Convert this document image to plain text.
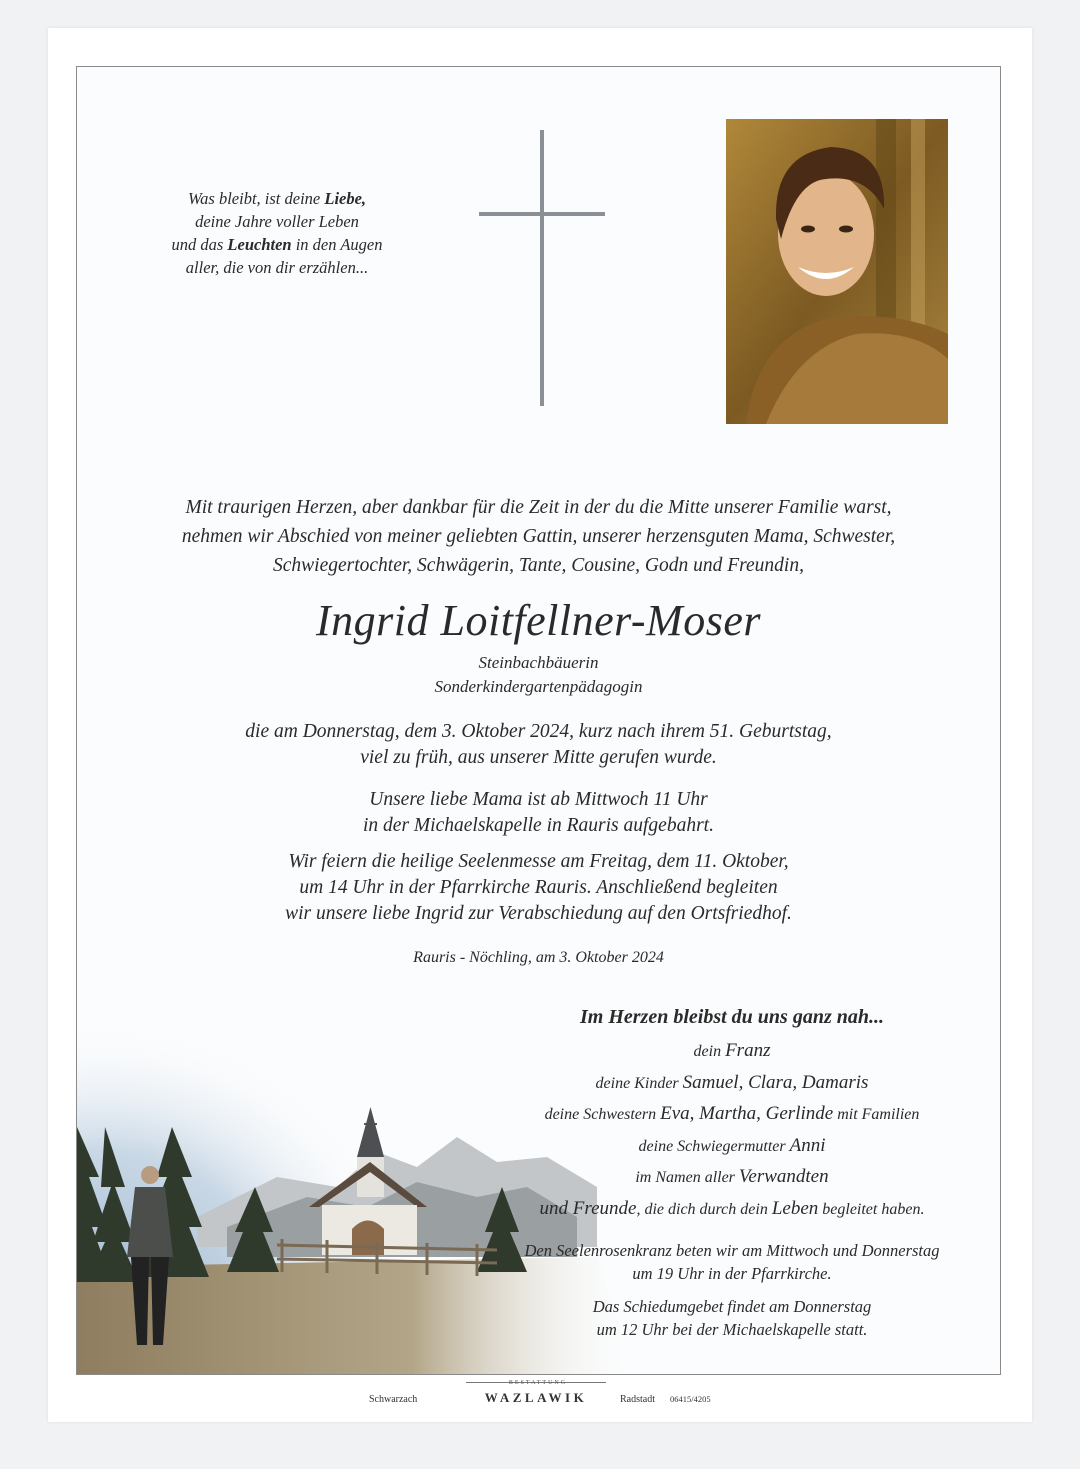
Was bleibt, ist deine Liebe,
deine Jahre voller Leben
und das Leuchten in den Augen
aller, die von dir erzählen...
Mit traurigen Herzen, aber dankbar für die Zeit in der du die Mitte unserer Familie warst,
nehmen wir Abschied von meiner geliebten Gattin, unserer herzensguten Mama, Schwester,
Schwiegertochter, Schwägerin, Tante, Cousine, Godn und Freundin,
Ingrid Loitfellner-Moser
Steinbachbäuerin
Sonderkindergartenpädagogin
die am Donnerstag, dem 3. Oktober 2024, kurz nach ihrem 51. Geburtstag,
viel zu früh, aus unserer Mitte gerufen wurde.
Unsere liebe Mama ist ab Mittwoch 11 Uhr
in der Michaelskapelle in Rauris aufgebahrt.
Wir feiern die heilige Seelenmesse am Freitag, dem 11. Oktober,
um 14 Uhr in der Pfarrkirche Rauris. Anschließend begleiten
wir unsere liebe Ingrid zur Verabschiedung auf den Ortsfriedhof.
Rauris - Nöchling, am 3. Oktober 2024
Im Herzen bleibst du uns ganz nah...
dein Franz
deine Kinder Samuel, Clara, Damaris
deine Schwestern Eva, Martha, Gerlinde mit Familien
deine Schwiegermutter Anni
im Namen aller Verwandten
und Freunde, die dich durch dein Leben begleitet haben.
Den Seelenrosenkranz beten wir am Mittwoch und Donnerstag
um 19 Uhr in der Pfarrkirche.
Das Schiedumgebet findet am Donnerstag
um 12 Uhr bei der Michaelskapelle statt.
Schwarzach
BESTATTUNG
WAZLAWIK	Radstadt 06415/4205
